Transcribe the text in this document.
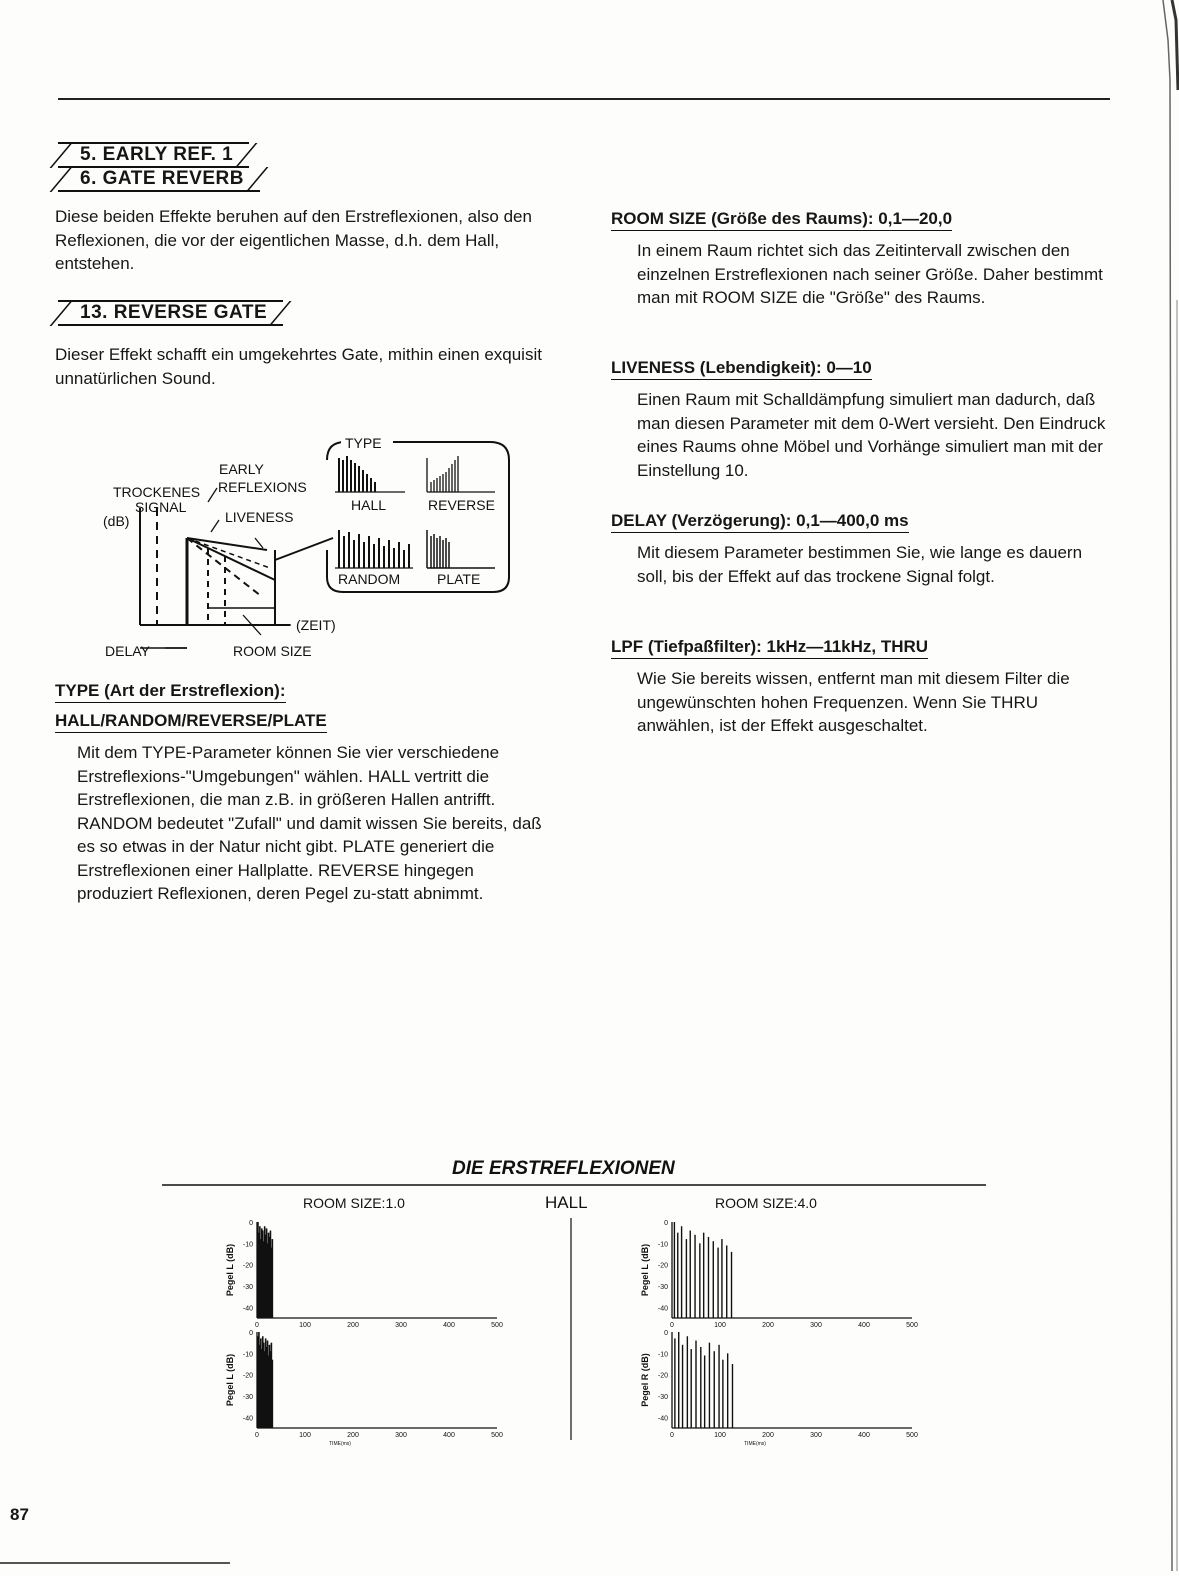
5. EARLY REF. 1
6. GATE REVERB
Diese beiden Effekte beruhen auf den Erstreflexionen, also den Reflexionen, die vor der eigentlichen Masse, d.h. dem Hall, entstehen.
13. REVERSE GATE
Dieser Effekt schafft ein umgekehrtes Gate, mithin einen exquisit unnatürlichen Sound.
TYPE
HALL	REVERSE
RANDOM	PLATE
EARLY
REFLEXIONS
TROCKENES
SIGNAL
(dB)	LIVENESS
(ZEIT)
DELAY	ROOM SIZE
TYPE (Art der Erstreflexion):
HALL/RANDOM/REVERSE/PLATE
Mit dem TYPE-Parameter können Sie vier verschiedene Erstreflexions-"Umgebungen" wählen. HALL vertritt die Erstreflexionen, die man z.B. in größeren Hallen antrifft. RANDOM bedeutet "Zufall" und damit wissen Sie bereits, daß es so etwas in der Natur nicht gibt. PLATE generiert die Erstreflexionen einer Hallplatte. REVERSE hingegen produziert Reflexionen, deren Pegel zu-statt abnimmt.
ROOM SIZE (Größe des Raums): 0,1—20,0
In einem Raum richtet sich das Zeitintervall zwischen den einzelnen Erstreflexionen nach seiner Größe. Daher bestimmt man mit ROOM SIZE die "Größe" des Raums.
LIVENESS (Lebendigkeit): 0—10
Einen Raum mit Schalldämpfung simuliert man dadurch, daß man diesen Parameter mit dem 0-Wert versieht. Den Eindruck eines Raums ohne Möbel und Vorhänge simuliert man mit der Einstellung 10.
DELAY (Verzögerung): 0,1—400,0 ms
Mit diesem Parameter bestimmen Sie, wie lange es dauern soll, bis der Effekt auf das trockene Signal folgt.
LPF (Tiefpaßfilter): 1kHz—11kHz, THRU
Wie Sie bereits wissen, entfernt man mit diesem Filter die ungewünschten hohen Frequenzen. Wenn Sie THRU anwählen, ist der Effekt ausgeschaltet.
DIE ERSTREFLEXIONEN
ROOM SIZE:1.0	HALL	ROOM SIZE:4.0
0
-10
-20
-30
-40
0	100	200	300	400	500
Pegel L (dB)
0
-10
-20
-30
-40
0	100	200	300	400	500
Pegel L (dB)
TIME(ms)
0
-10
-20
-30
-40
0	100	200	300	400	500
Pegel L (dB)
0
-10
-20
-30
-40
0	100	200	300	400	500
Pegel R (dB)
TIME(ms)
87
